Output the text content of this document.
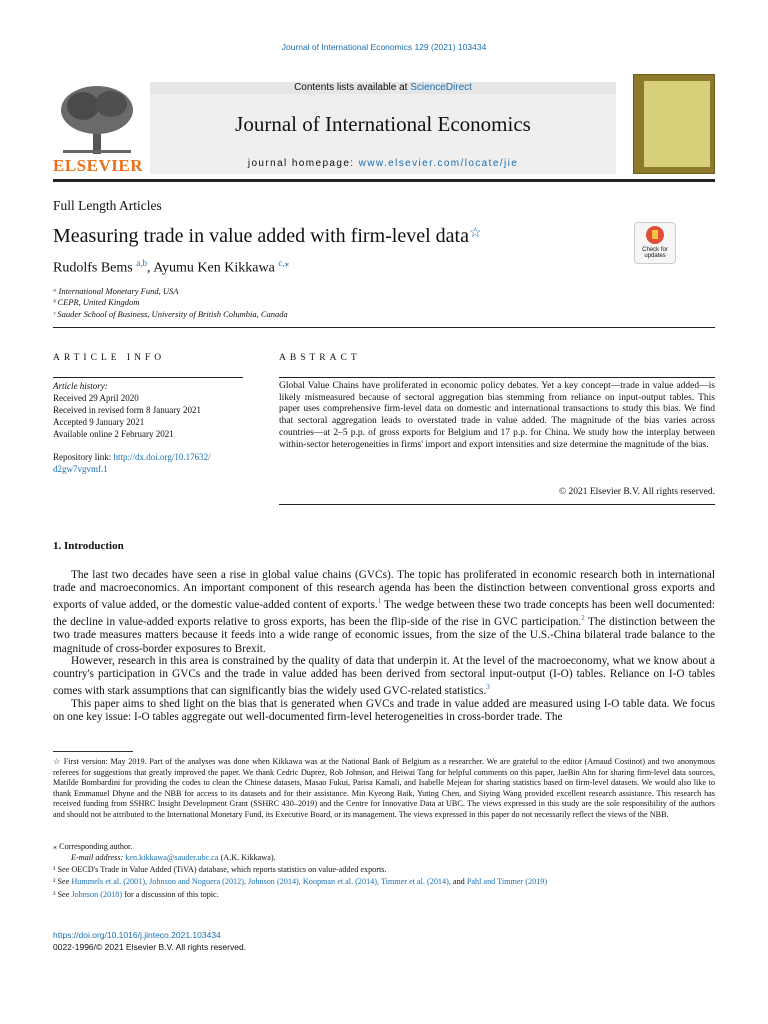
Journal of International Economics 129 (2021) 103434
Contents lists available at ScienceDirect
Journal of International Economics
journal homepage: www.elsevier.com/locate/jie
ELSEVIER
Full Length Articles
Measuring trade in value added with firm-level data☆
Check for
updates
Rudolfs Bems $^{a,b}$, Ayumu Ken Kikkawa $^{c,⁎}$
ᵃ International Monetary Fund, USA
ᵇ CEPR, United Kingdom
ᶜ Sauder School of Business, University of British Columbia, Canada
ARTICLE INFO	ABSTRACT
Article history:
Received 29 April 2020
Received in revised form 8 January 2021
Accepted 9 January 2021
Available online 2 February 2021
Repository link: http://dx.doi.org/10.17632/
d2gw7vgvmf.1
Global Value Chains have proliferated in economic policy debates. Yet a key concept—trade in value added—is likely mismeasured because of sectoral aggregation bias stemming from reliance on input-output tables. This paper uses comprehensive firm-level data on domestic and international transactions to study this bias. We find that sectoral aggregation leads to overstated trade in value added. The magnitude of the bias varies across countries—at 2–5 p.p. of gross exports for Belgium and 17 p.p. for China. We study how the interplay between within-sector heterogeneities in firms' import and export intensities and size determine the magnitude of the bias.
© 2021 Elsevier B.V. All rights reserved.
1. Introduction
The last two decades have seen a rise in global value chains (GVCs). The topic has proliferated in economic research both in international trade and macroeconomics. An important component of this research agenda has been the distinction between conventional gross exports and exports of value added, or the domestic value-added content of exports.$^1$ The wedge between these two trade concepts has been well documented: the decline in value-added exports relative to gross exports, has been the flip-side of the rise in GVC participation.$^2$ The distinction between the two trade measures matters because it feeds into a wide range of economic issues, from the size of the U.S.-China bilateral trade balance to the magnitude of cross-border exposures to Brexit.
However, research in this area is constrained by the quality of data that underpin it. At the level of the macroeconomy, what we know about a country's participation in GVCs and the trade in value added has been derived from sectoral input-output (I-O) tables. Reliance on I-O tables comes with stark assumptions that can significantly bias the widely used GVC-related statistics.$^3$
This paper aims to shed light on the bias that is generated when GVCs and trade in value added are measured using I-O table data. We focus on one key issue: I-O tables aggregate out well-documented firm-level heterogeneities in cross-border trade. The
☆ First version: May 2019. Part of the analyses was done when Kikkawa was at the National Bank of Belgium as a researcher. We are grateful to the editor (Arnaud Costinot) and two anonymous referees for suggestions that greatly improved the paper. We thank Cedric Duprez, Rob Johnson, and Heiwai Tang for helpful comments on this paper, JaeBin Ahn for sharing firm-level data sources, Matilde Bombardini for providing the codes to clean the Chinese datasets, Masao Fukui, Parisa Kamali, and Isabelle Mejean for sharing statistics based on firm-level datasets. We would also like to thank Emmanuel Dhyne and the NBB for access to its datasets and for their assistance. Min Kyeong Baik, Yuting Chen, and Siying Wang provided excellent research assistance. This research has received funding from SSHRC Insight Development Grant (SSHRC 430–2019) and the Centre for Innovative Data at UBC. The views expressed in this study are the sole responsibility of the authors and should not be attributed to the International Monetary Fund, its Executive Board, or its management. The views expressed in this paper do not necessarily reflect the views of the NBB.
⁎ Corresponding author.
E-mail address: ken.kikkawa@sauder.ubc.ca (A.K. Kikkawa).
¹ See OECD's Trade in Value Added (TiVA) database, which reports statistics on value-added exports.
² See Hummels et al. (2001), Johnson and Noguera (2012), Johnson (2014), Koopman et al. (2014), Timmer et al. (2014), and Pahl and Timmer (2019)
³ See Johnson (2018) for a discussion of this topic.
https://doi.org/10.1016/j.jinteco.2021.103434
0022-1996/© 2021 Elsevier B.V. All rights reserved.
